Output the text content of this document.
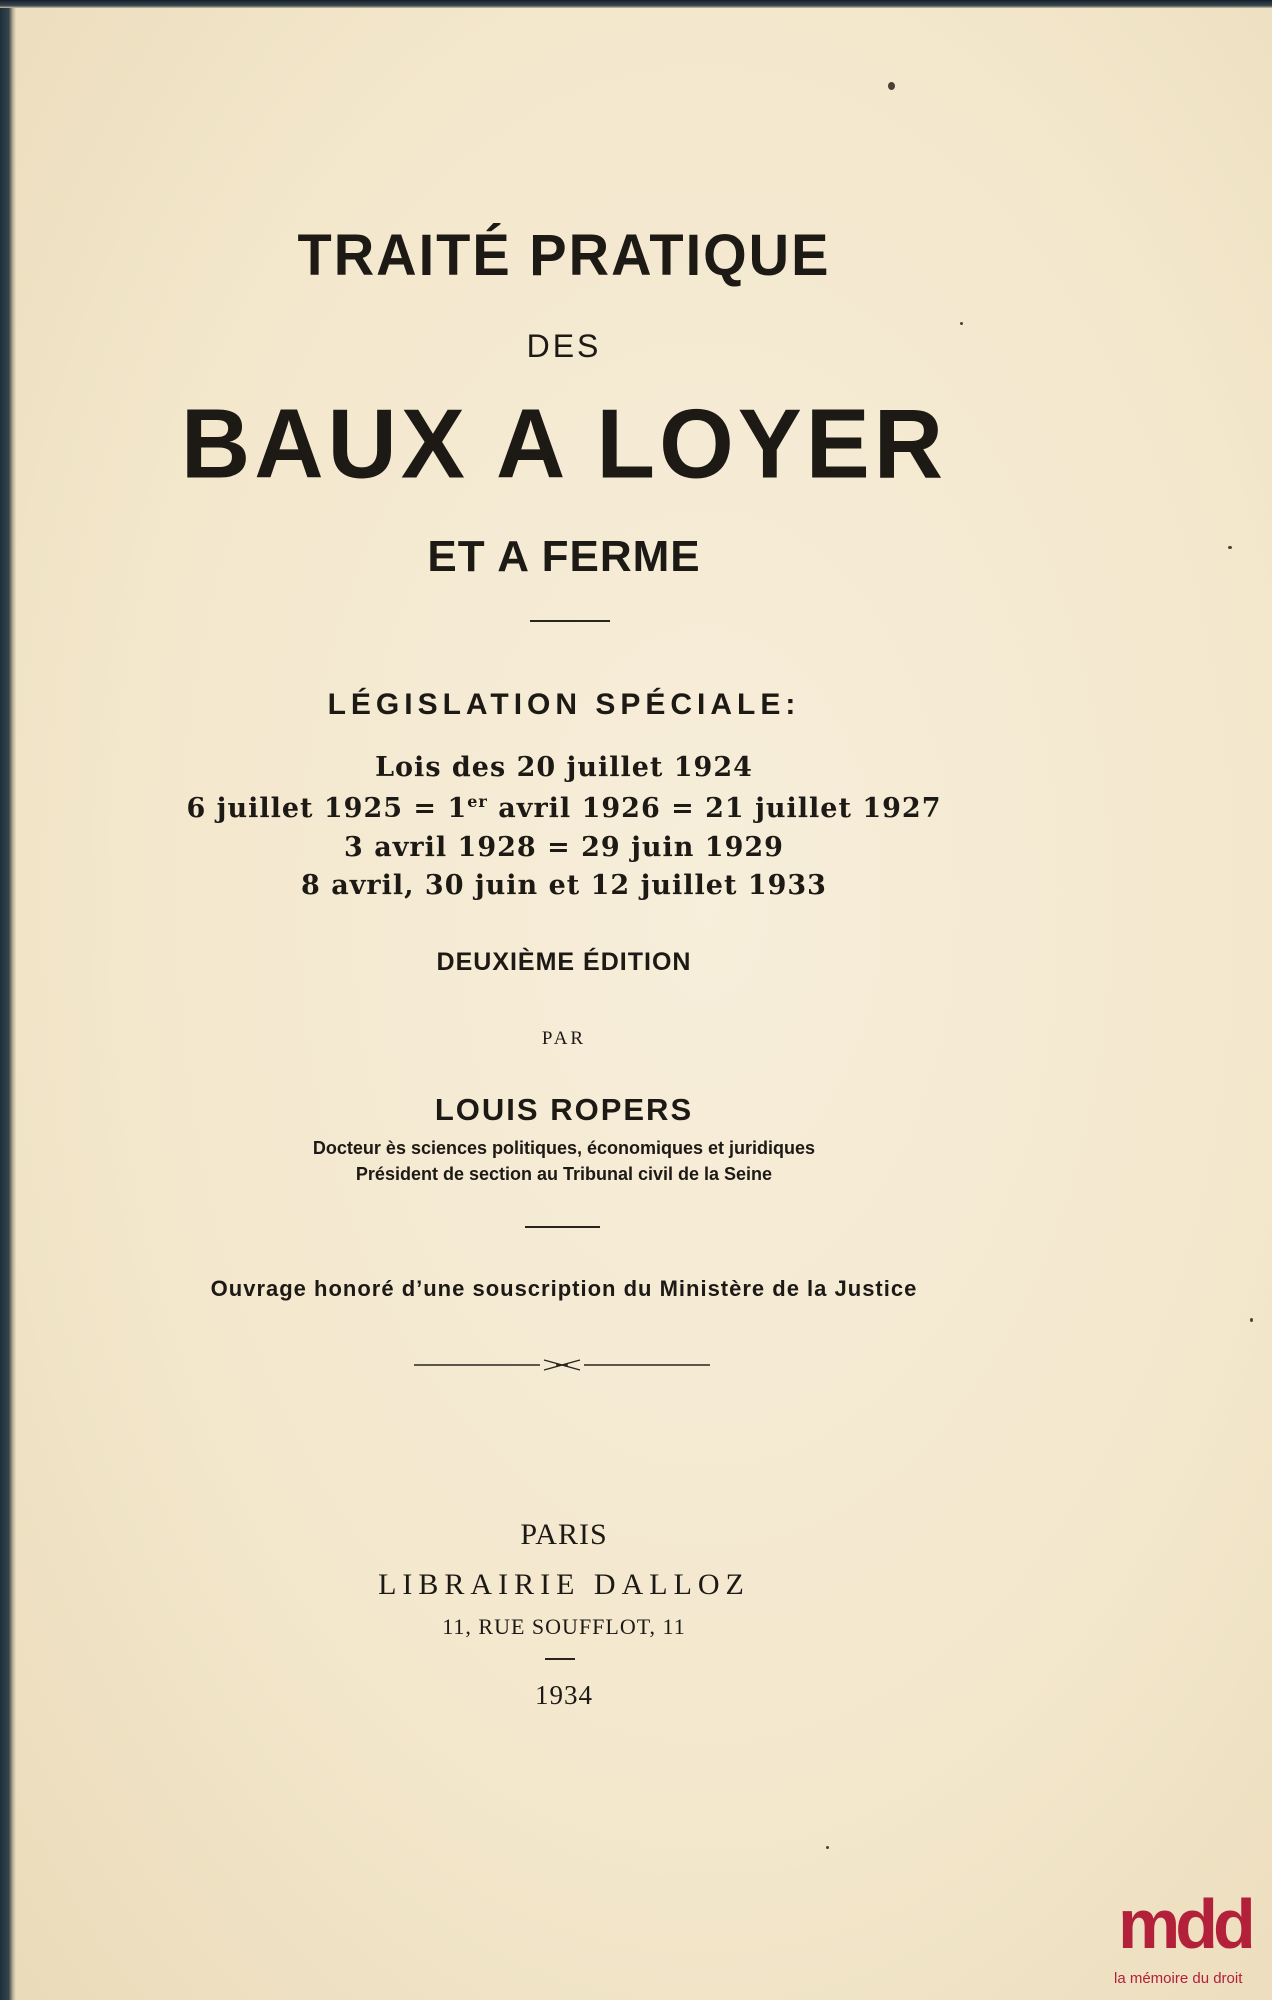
TRAITÉ PRATIQUE
DES
BAUX A LOYER
ET A FERME
LÉGISLATION SPÉCIALE:
Lois des 20 juillet 1924
6 juillet 1925 = 1er avril 1926 = 21 juillet 1927
3 avril 1928 = 29 juin 1929
8 avril, 30 juin et 12 juillet 1933
DEUXIÈME ÉDITION
PAR
LOUIS ROPERS
Docteur ès sciences politiques, économiques et juridiques
Président de section au Tribunal civil de la Seine
Ouvrage honoré d’une souscription du Ministère de la Justice
PARIS
LIBRAIRIE DALLOZ
11, RUE SOUFFLOT, 11
1934
mdd
la mémoire du droit
